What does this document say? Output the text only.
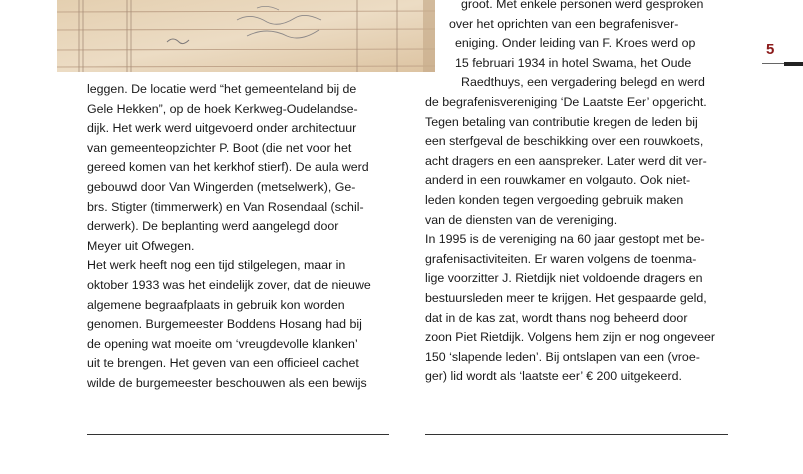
leggen. De locatie werd “het gemeenteland bij de
Gele Hekken”, op de hoek Kerkweg-Oudelandse-
dijk. Het werk werd uitgevoerd onder architectuur
van gemeenteopzichter P. Boot (die net voor het
gereed komen van het kerkhof stierf). De aula werd
gebouwd door Van Wingerden (metselwerk), Ge-
brs. Stigter (timmerwerk) en Van Rosendaal (schil-
derwerk). De beplanting werd aangelegd door
Meyer uit Ofwegen.
Het werk heeft nog een tijd stilgelegen, maar in
oktober 1933 was het eindelijk zover, dat de nieuwe
algemene begraafplaats in gebruik kon worden
genomen. Burgemeester Boddens Hosang had bij
de opening wat moeite om ‘vreugdevolle klanken’
uit te brengen. Het geven van een officieel cachet
wilde de burgemeester beschouwen als een bewijs
groot. Met enkele personen werd gesproken
over het oprichten van een begrafenisver-
eniging. Onder leiding van F. Kroes werd op
15 februari 1934 in hotel Swama, het Oude
Raedthuys, een vergadering belegd en werd
de begrafenisvereniging ‘De Laatste Eer’ opgericht.
Tegen betaling van contributie kregen de leden bij
een sterfgeval de beschikking over een rouwkoets,
acht dragers en een aanspreker. Later werd dit ver-
anderd in een rouwkamer en volgauto. Ook niet-
leden konden tegen vergoeding gebruik maken
van de diensten van de vereniging.
In 1995 is de vereniging na 60 jaar gestopt met be-
grafenisactiviteiten. Er waren volgens de toenma-
lige voorzitter J. Rietdijk niet voldoende dragers en
bestuursleden meer te krijgen. Het gespaarde geld,
dat in de kas zat, wordt thans nog beheerd door
zoon Piet Rietdijk. Volgens hem zijn er nog ongeveer
150 ‘slapende leden’. Bij ontslapen van een (vroe-
ger) lid wordt als ‘laatste eer’ € 200 uitgekeerd.
5
